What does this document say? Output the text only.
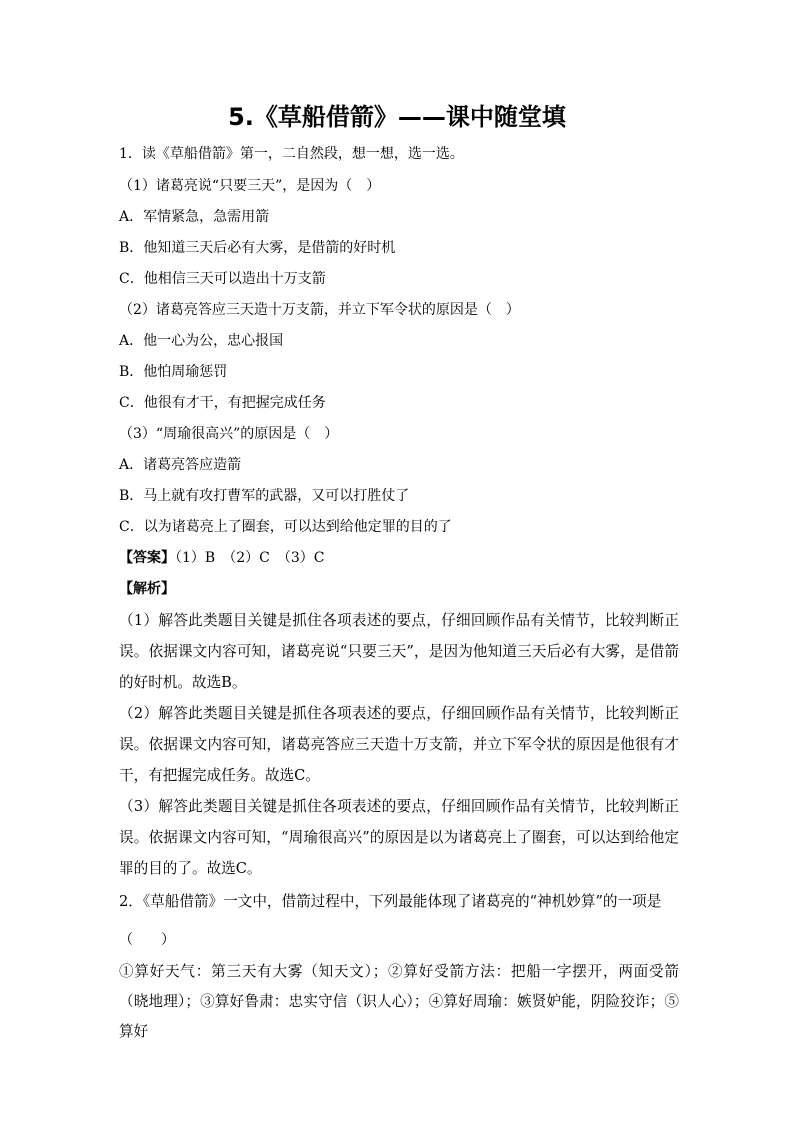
5.《草船借箭》——课中随堂填
1．读《草船借箭》第一，二自然段，想一想，选一选。
（1）诸葛亮说“只要三天”，是因为（　）
A．军情紧急，急需用箭
B．他知道三天后必有大雾，是借箭的好时机
C．他相信三天可以造出十万支箭
（2）诸葛亮答应三天造十万支箭，并立下军令状的原因是（　）
A．他一心为公，忠心报国
B．他怕周瑜惩罚
C．他很有才干，有把握完成任务
（3）“周瑜很高兴”的原因是（　）
A．诸葛亮答应造箭
B．马上就有攻打曹军的武器，又可以打胜仗了
C．以为诸葛亮上了圈套，可以达到给他定罪的目的了
【答案】（1）B　（2）C　（3）C
【解析】
（1）解答此类题目关键是抓住各项表述的要点，仔细回顾作品有关情节，比较判断正误。依据课文内容可知，诸葛亮说“只要三天”，是因为他知道三天后必有大雾，是借箭的好时机。故选B。
（2）解答此类题目关键是抓住各项表述的要点，仔细回顾作品有关情节，比较判断正误。依据课文内容可知，诸葛亮答应三天造十万支箭，并立下军令状的原因是他很有才干，有把握完成任务。故选C。
（3）解答此类题目关键是抓住各项表述的要点，仔细回顾作品有关情节，比较判断正误。依据课文内容可知，“周瑜很高兴”的原因是以为诸葛亮上了圈套，可以达到给他定罪的目的了。故选C。
2．《草船借箭》一文中，借箭过程中，下列最能体现了诸葛亮的“神机妙算”的一项是
（　　）
①算好天气：第三天有大雾（知天文）；②算好受箭方法：把船一字摆开，两面受箭（晓地理）；③算好鲁肃：忠实守信（识人心）；④算好周瑜：嫉贤妒能，阴险狡诈；⑤算好
